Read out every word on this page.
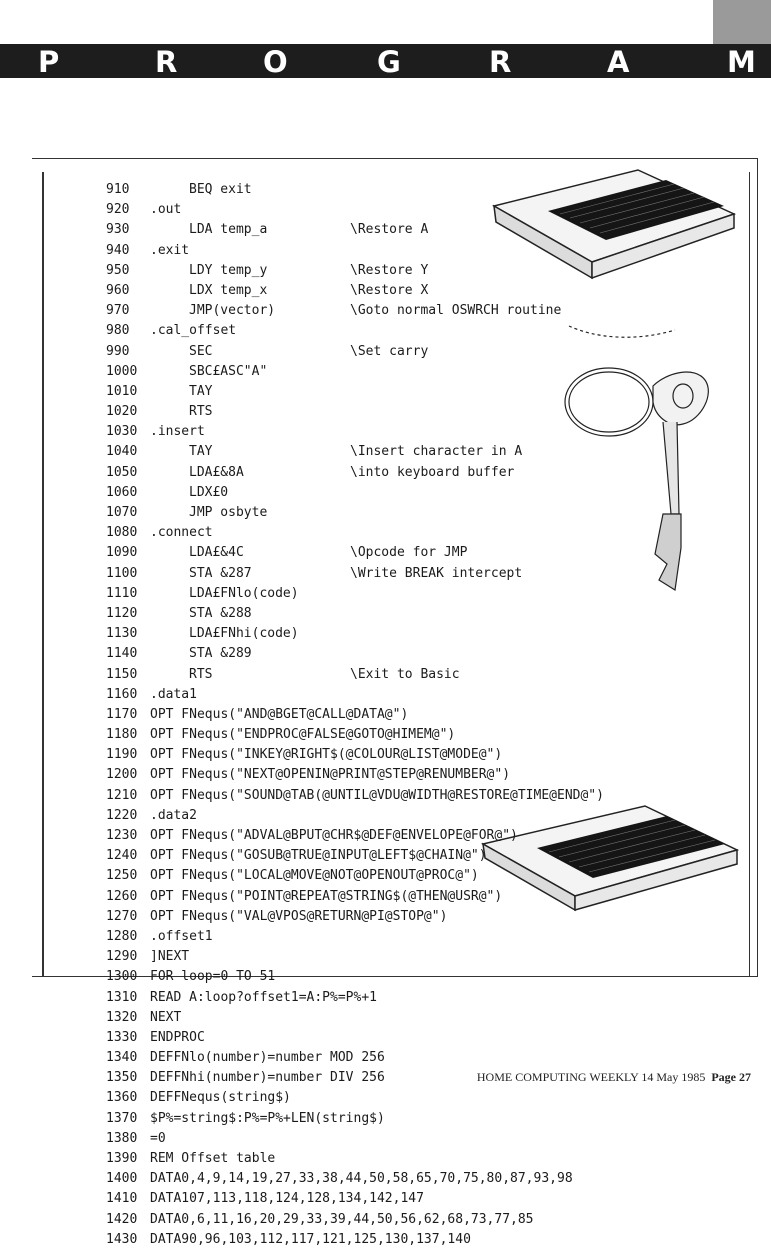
P	R	O	G	R	A	M
910	BEQ exit
920 .out
930	LDA temp_a	\Restore A
940 .exit
950	LDY temp_y	\Restore Y
960	LDX temp_x	\Restore X
970	JMP(vector)	\Goto normal OSWRCH routine
980 .cal_offset
990	SEC	\Set carry
1000	SBC£ASC"A"
1010	TAY
1020	RTS
1030 .insert
1040	TAY	\Insert character in A
1050	LDA£&8A	\into keyboard buffer
1060	LDX£0
1070	JMP osbyte
1080 .connect
1090	LDA£&4C	\Opcode for JMP
1100	STA &287	\Write BREAK intercept
1110	LDA£FNlo(code)
1120	STA &288
1130	LDA£FNhi(code)
1140	STA &289
1150	RTS	\Exit to Basic
1160 .data1
1170 OPT FNequs("AND@BGET@CALL@DATA@")
1180 OPT FNequs("ENDPROC@FALSE@GOTO@HIMEM@")
1190 OPT FNequs("INKEY@RIGHT$(@COLOUR@LIST@MODE@")
1200 OPT FNequs("NEXT@OPENIN@PRINT@STEP@RENUMBER@")
1210 OPT FNequs("SOUND@TAB(@UNTIL@VDU@WIDTH@RESTORE@TIME@END@")
1220 .data2
1230 OPT FNequs("ADVAL@BPUT@CHR$@DEF@ENVELOPE@FOR@")
1240 OPT FNequs("GOSUB@TRUE@INPUT@LEFT$@CHAIN@")
1250 OPT FNequs("LOCAL@MOVE@NOT@OPENOUT@PROC@")
1260 OPT FNequs("POINT@REPEAT@STRING$(@THEN@USR@")
1270 OPT FNequs("VAL@VPOS@RETURN@PI@STOP@")
1280 .offset1
1290 ]NEXT
1300 FOR loop=0 TO 51
1310 READ A:loop?offset1=A:P%=P%+1
1320 NEXT
1330 ENDPROC
1340 DEFFNlo(number)=number MOD 256
1350 DEFFNhi(number)=number DIV 256
1360 DEFFNequs(string$)
1370 $P%=string$:P%=P%+LEN(string$)
1380 =0
1390 REM Offset table
1400 DATA0,4,9,14,19,27,33,38,44,50,58,65,70,75,80,87,93,98
1410 DATA107,113,118,124,128,134,142,147
1420 DATA0,6,11,16,20,29,33,39,44,50,56,62,68,73,77,85
1430 DATA90,96,103,112,117,121,125,130,137,140
HOME COMPUTING WEEKLY 14 May 1985 Page 27
